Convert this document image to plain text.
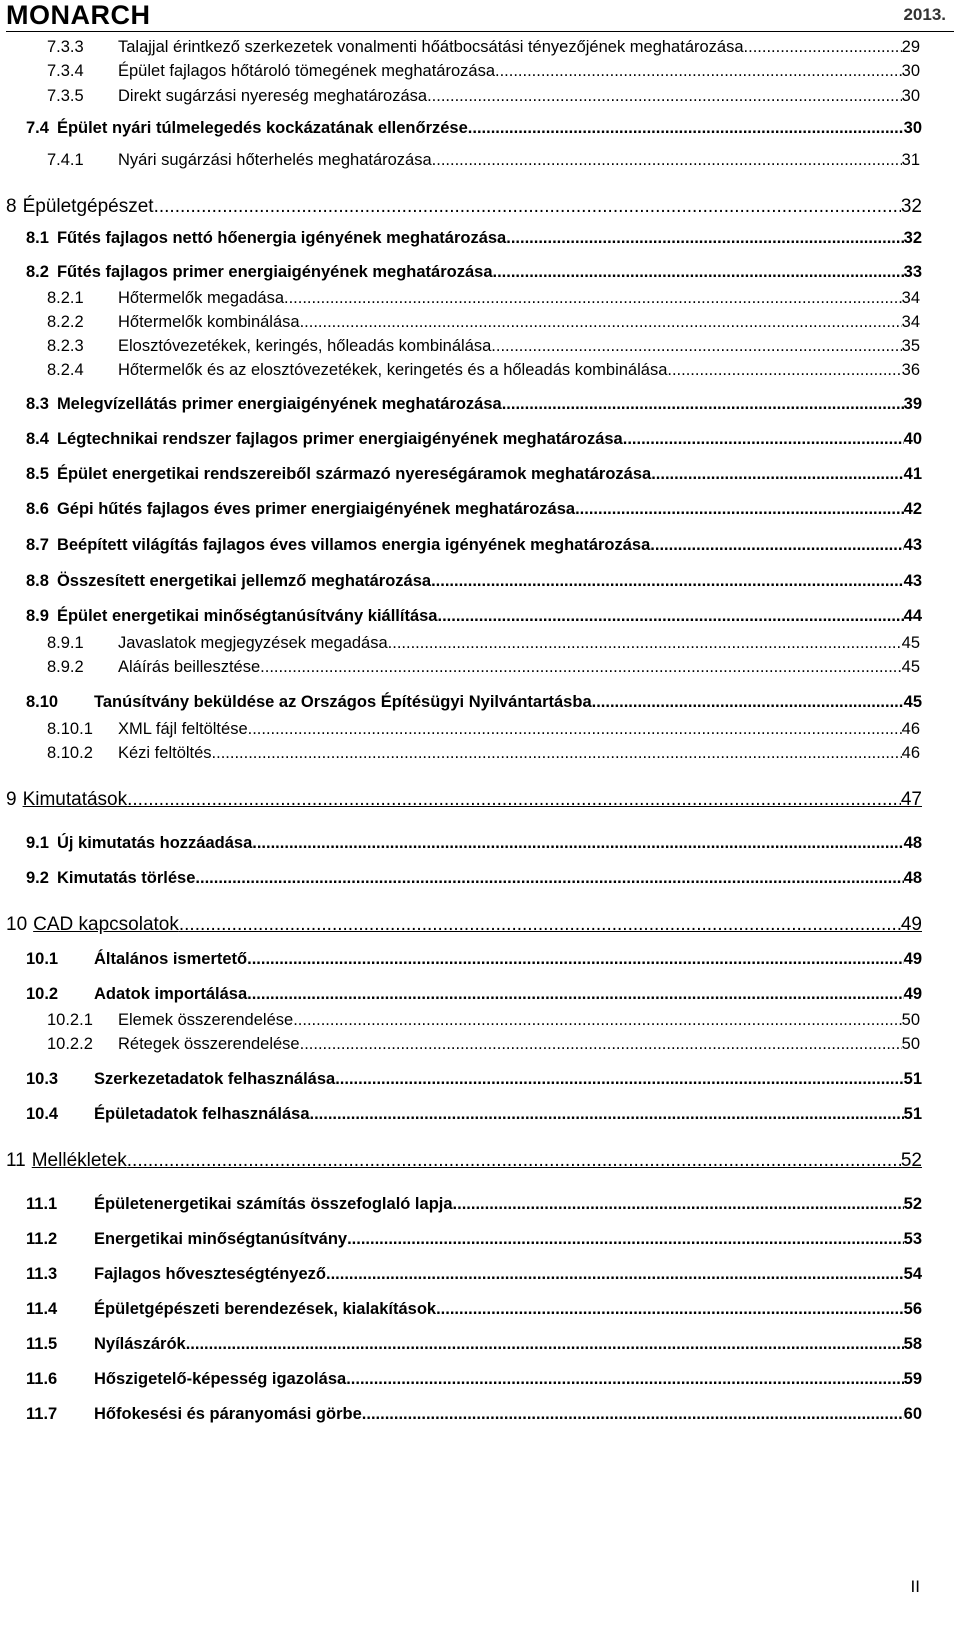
MONARCH	2013.
7.3.3	Talajjal érintkező szerkezetek vonalmenti hőátbocsátási tényezőjének meghatározása. .....	29
7.3.4	Épület fajlagos hőtároló tömegének meghatározása .....	30
7.3.5	Direkt sugárzási nyereség meghatározása .....	30
7.4 Épület nyári túlmelegedés kockázatának ellenőrzése .....	30
7.4.1	Nyári sugárzási hőterhelés meghatározása .....	31
8 Épületgépészet .....	32
8.1 Fűtés fajlagos nettó hőenergia igényének meghatározása .....	32
8.2 Fűtés fajlagos primer energiaigényének meghatározása .....	33
8.2.1	Hőtermelők megadása .....	34
8.2.2	Hőtermelők kombinálása .....	34
8.2.3	Elosztóvezetékek, keringés, hőleadás kombinálása .....	35
8.2.4	Hőtermelők és az elosztóvezetékek, keringetés és a hőleadás kombinálása .....	36
8.3 Melegvízellátás primer energiaigényének meghatározása .....	39
8.4 Légtechnikai rendszer fajlagos primer energiaigényének meghatározása .....	40
8.5 Épület energetikai rendszereiből származó nyereségáramok meghatározása .....	41
8.6 Gépi hűtés fajlagos éves primer energiaigényének meghatározása .....	42
8.7 Beépített világítás fajlagos éves villamos energia igényének meghatározása .....	43
8.8 Összesített energetikai jellemző meghatározása .....	43
8.9 Épület energetikai minőségtanúsítvány kiállítása .....	44
8.9.1	Javaslatok megjegyzések megadása .....	45
8.9.2	Aláírás beillesztése .....	45
8.10	Tanúsítvány beküldése az Országos Építésügyi Nyilvántartásba .....	45
8.10.1	XML fájl feltöltése .....	46
8.10.2	Kézi feltöltés .....	46
9 Kimutatások .....	47
9.1 Új kimutatás hozzáadása .....	48
9.2 Kimutatás törlése .....	48
10 CAD kapcsolatok .....	49
10.1	Általános ismertető .....	49
10.2	Adatok importálása .....	49
10.2.1	Elemek összerendelése .....	50
10.2.2	Rétegek összerendelése .....	50
10.3	Szerkezetadatok felhasználása .....	51
10.4	Épületadatok felhasználása .....	51
11 Mellékletek .....	52
11.1	Épületenergetikai számítás összefoglaló lapja .....	52
11.2	Energetikai minőségtanúsítvány .....	53
11.3	Fajlagos hőveszteségtényező .....	54
11.4	Épületgépészeti berendezések, kialakítások .....	56
11.5	Nyílászárók .....	58
11.6	Hőszigetelő-képesség igazolása .....	59
11.7	Hőfokesési és páranyomási görbe .....	60
II
